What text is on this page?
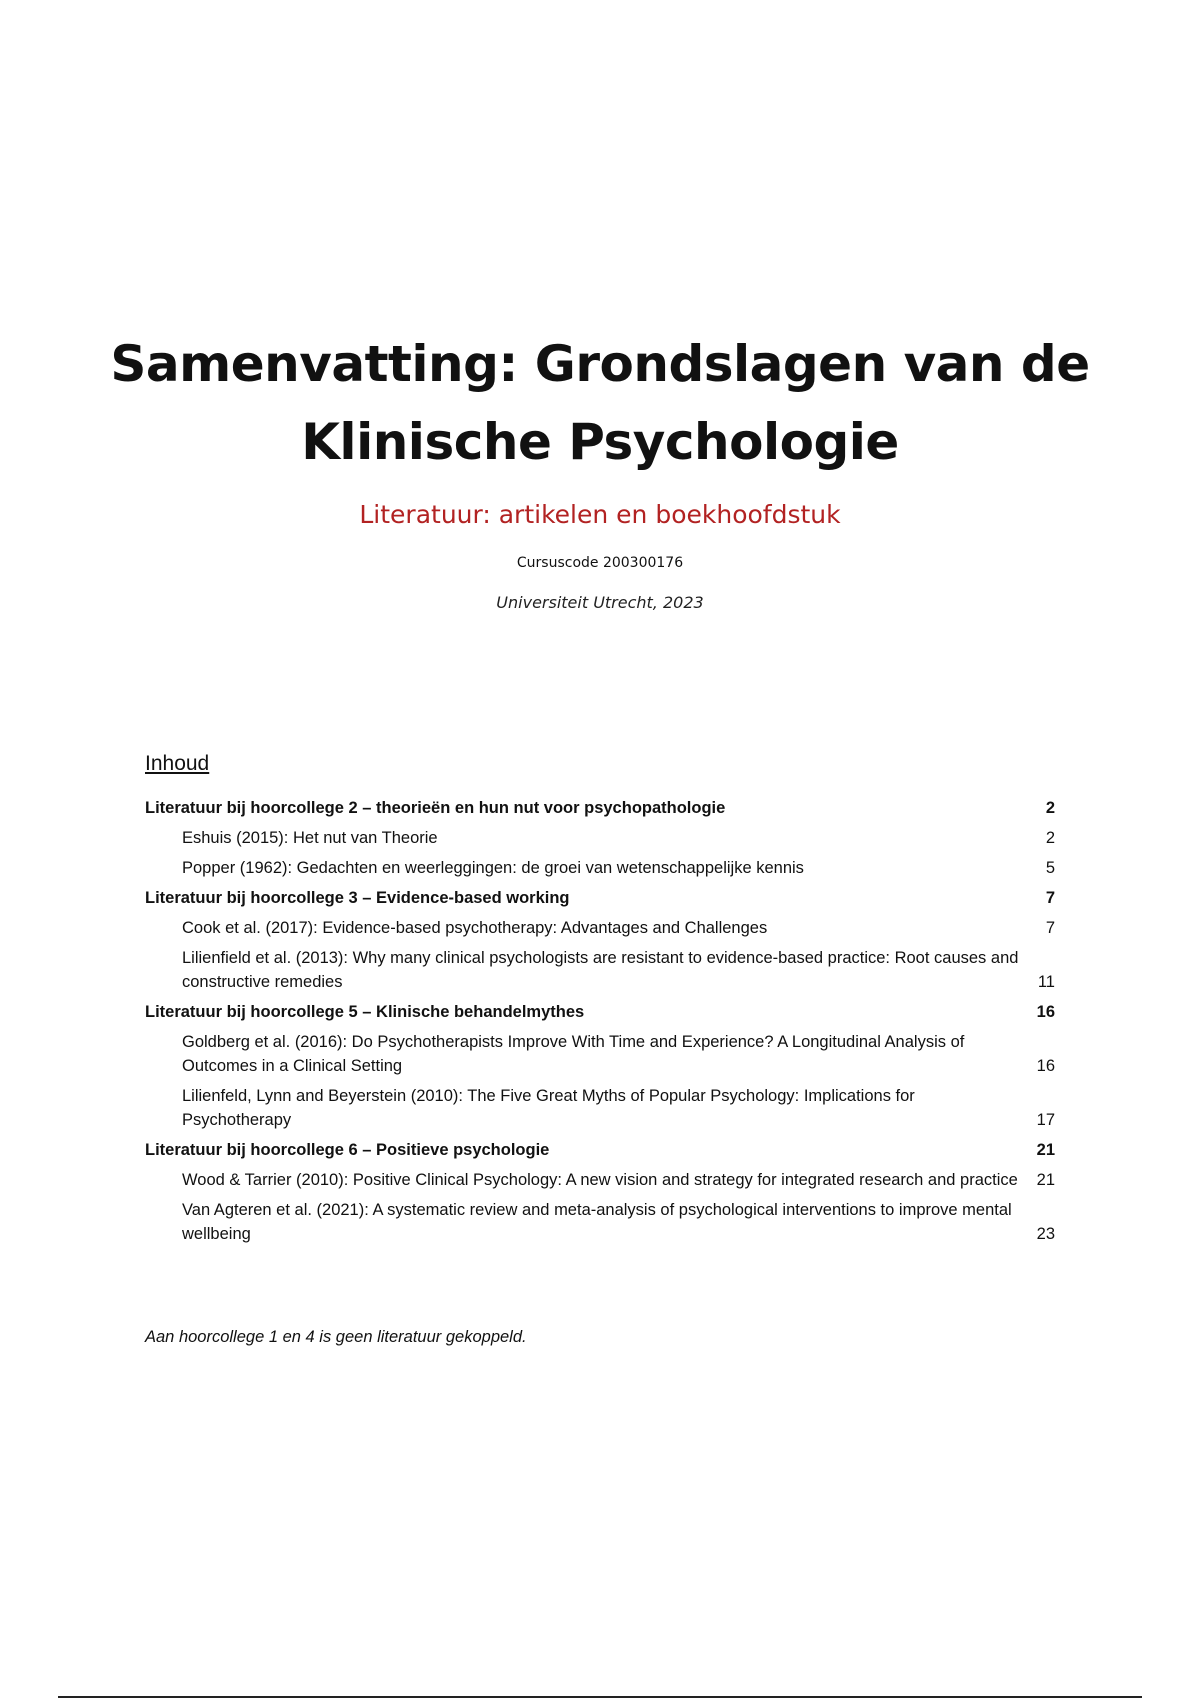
Samenvatting: Grondslagen van de
Klinische Psychologie
Literatuur: artikelen en boekhoofdstuk
Cursuscode 200300176
Universiteit Utrecht, 2023
Inhoud
Literatuur bij hoorcollege 2 – theorieën en hun nut voor psychopathologie	2
Eshuis (2015): Het nut van Theorie	2
Popper (1962): Gedachten en weerleggingen: de groei van wetenschappelijke kennis	5
Literatuur bij hoorcollege 3 – Evidence-based working	7
Cook et al. (2017): Evidence-based psychotherapy: Advantages and Challenges	7
Lilienfield et al. (2013): Why many clinical psychologists are resistant to evidence-based practice: Root causes and constructive remedies	11
Literatuur bij hoorcollege 5 – Klinische behandelmythes	16
Goldberg et al. (2016): Do Psychotherapists Improve With Time and Experience? A Longitudinal Analysis of Outcomes in a Clinical Setting	16
Lilienfeld, Lynn and Beyerstein (2010): The Five Great Myths of Popular Psychology: Implications for Psychotherapy	17
Literatuur bij hoorcollege 6 – Positieve psychologie	21
Wood & Tarrier (2010): Positive Clinical Psychology: A new vision and strategy for integrated research and practice	21
Van Agteren et al. (2021): A systematic review and meta-analysis of psychological interventions to improve mental wellbeing	23
Aan hoorcollege 1 en 4 is geen literatuur gekoppeld.
